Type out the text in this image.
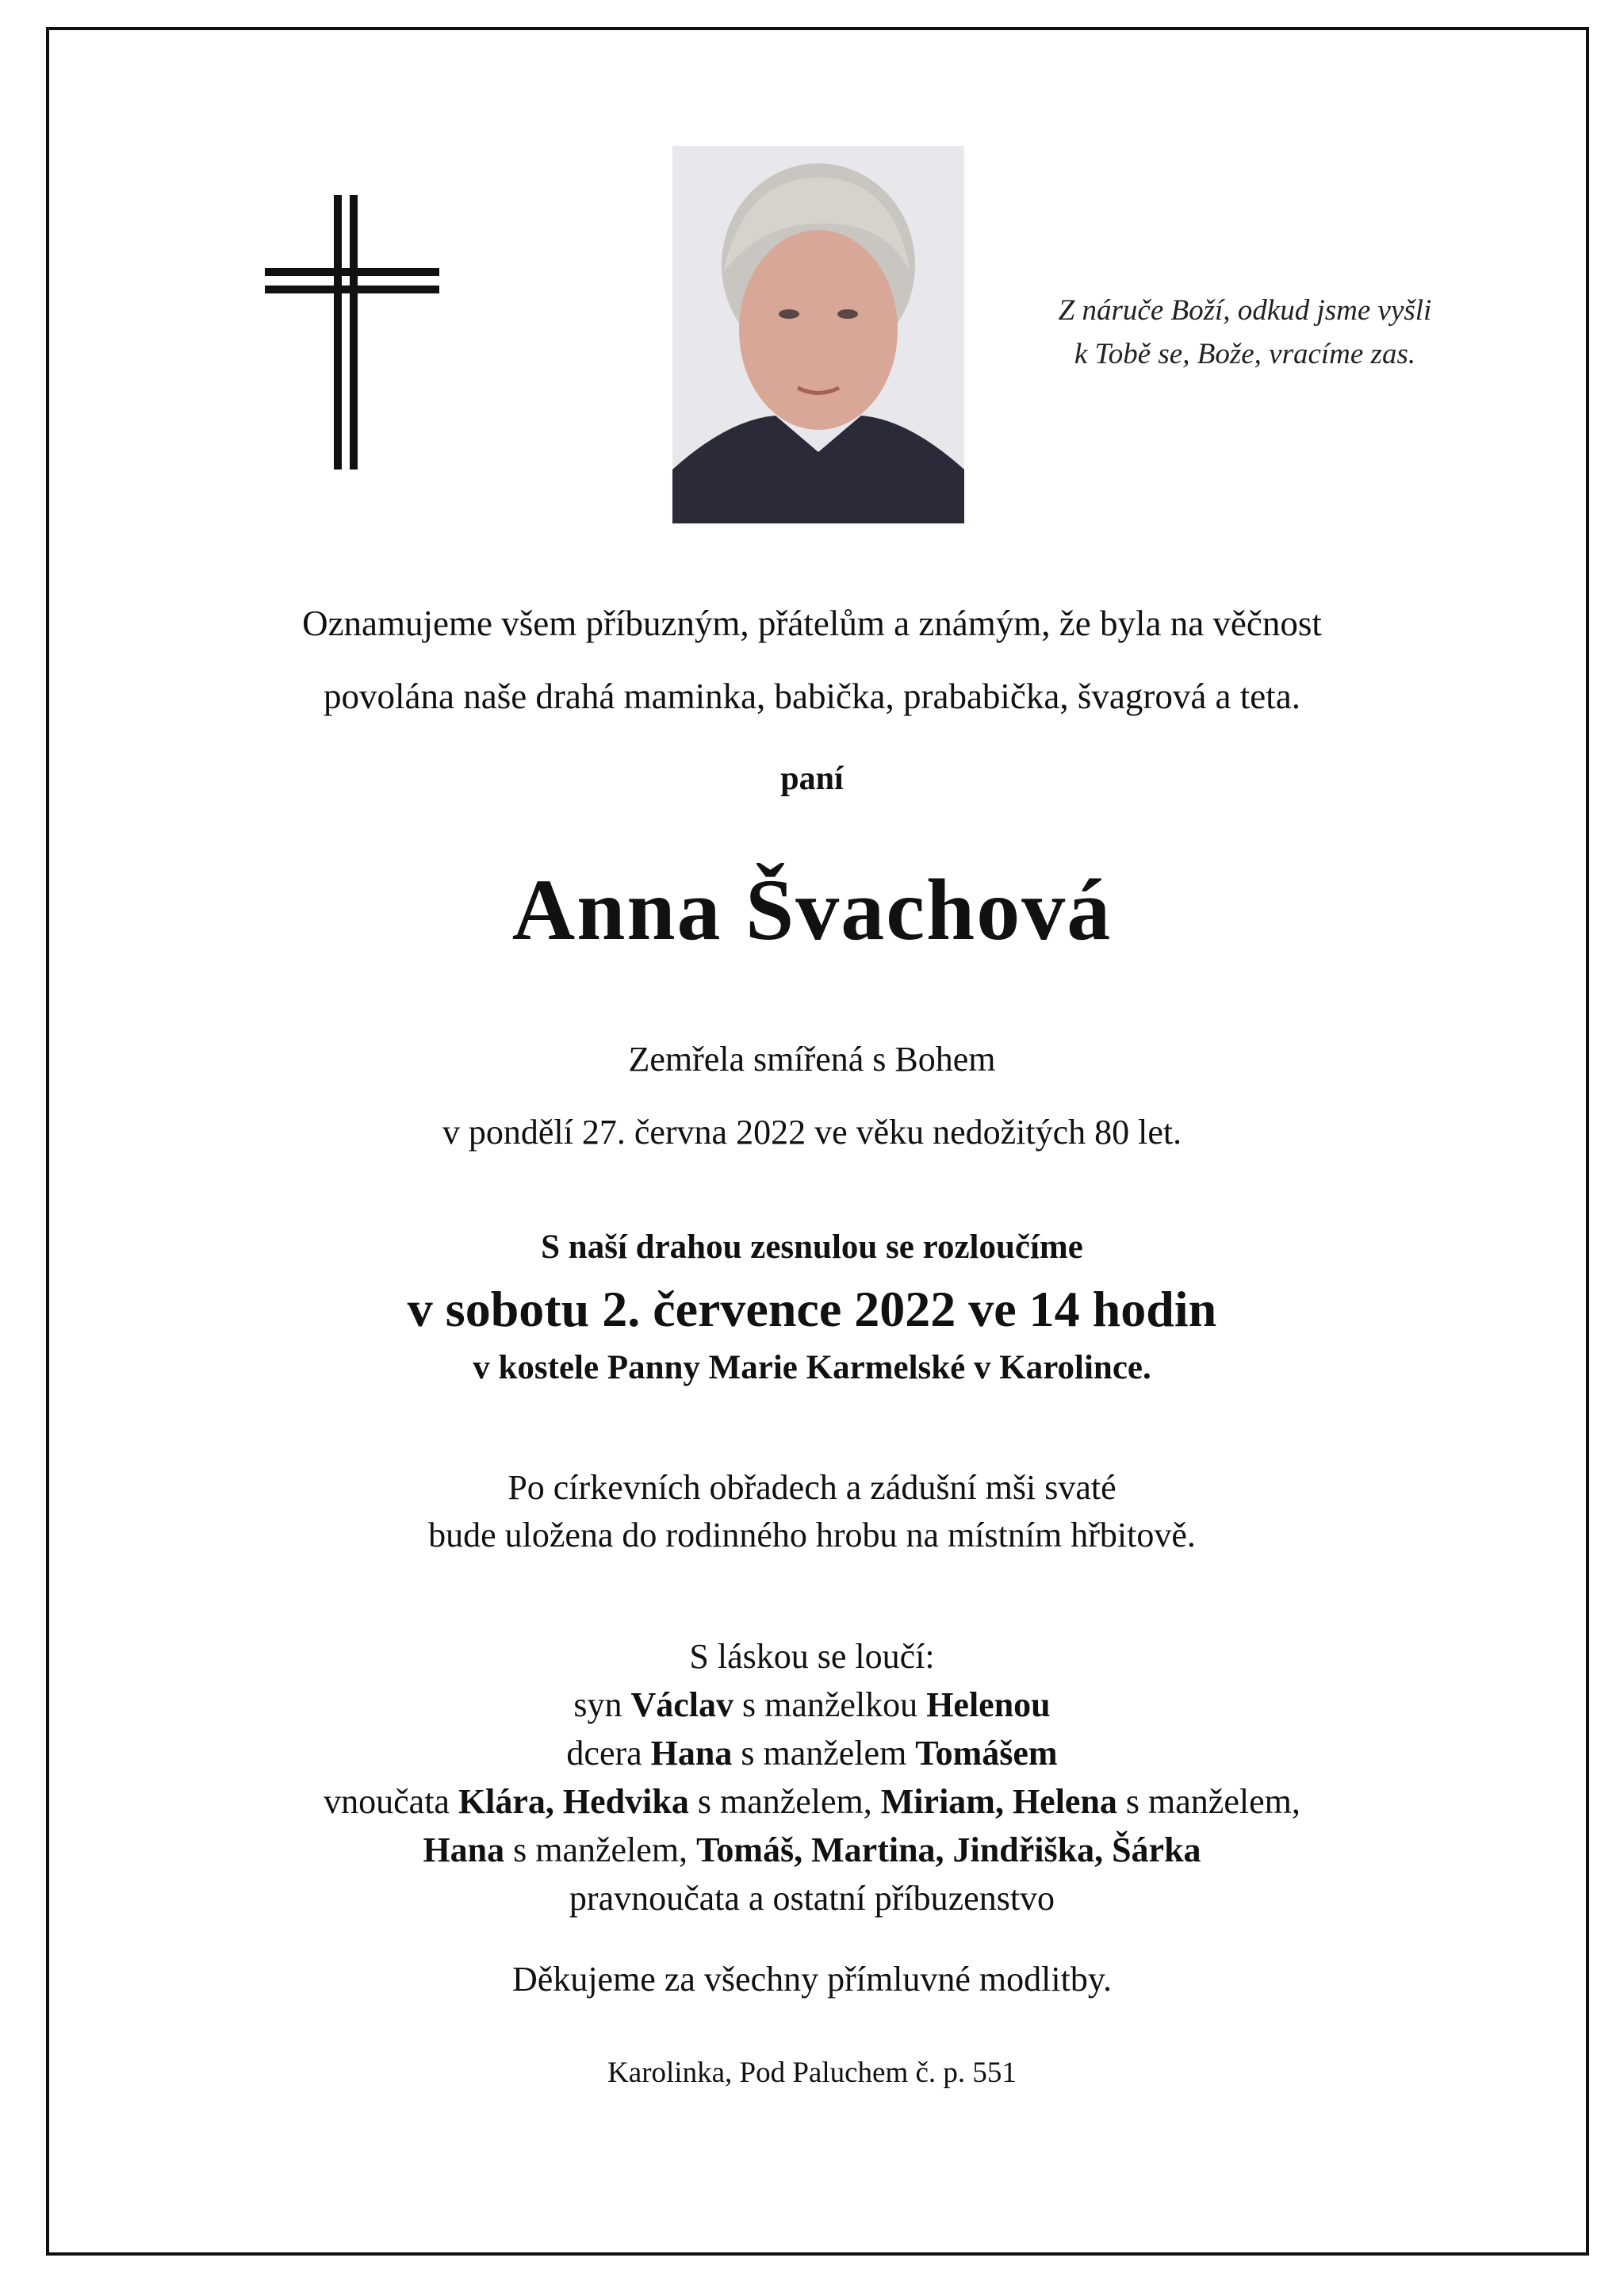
Z náruče Boží, odkud jsme vyšli
k Tobě se, Bože, vracíme zas.
Oznamujeme všem příbuzným, přátelům a známým, že byla na věčnost
povolána naše drahá maminka, babička, prababička, švagrová a teta.
paní
Anna Švachová
Zemřela smířená s Bohem
v pondělí 27. června 2022 ve věku nedožitých 80 let.
S naší drahou zesnulou se rozloučíme
v sobotu 2. července 2022 ve 14 hodin
v kostele Panny Marie Karmelské v Karolince.
Po církevních obřadech a zádušní mši svaté
bude uložena do rodinného hrobu na místním hřbitově.
S láskou se loučí:
syn Václav s manželkou Helenou
dcera Hana s manželem Tomášem
vnoučata Klára, Hedvika s manželem, Miriam, Helena s manželem,
Hana s manželem, Tomáš, Martina, Jindřiška, Šárka
pravnoučata a ostatní příbuzenstvo
Děkujeme za všechny přímluvné modlitby.
Karolinka, Pod Paluchem č. p. 551
